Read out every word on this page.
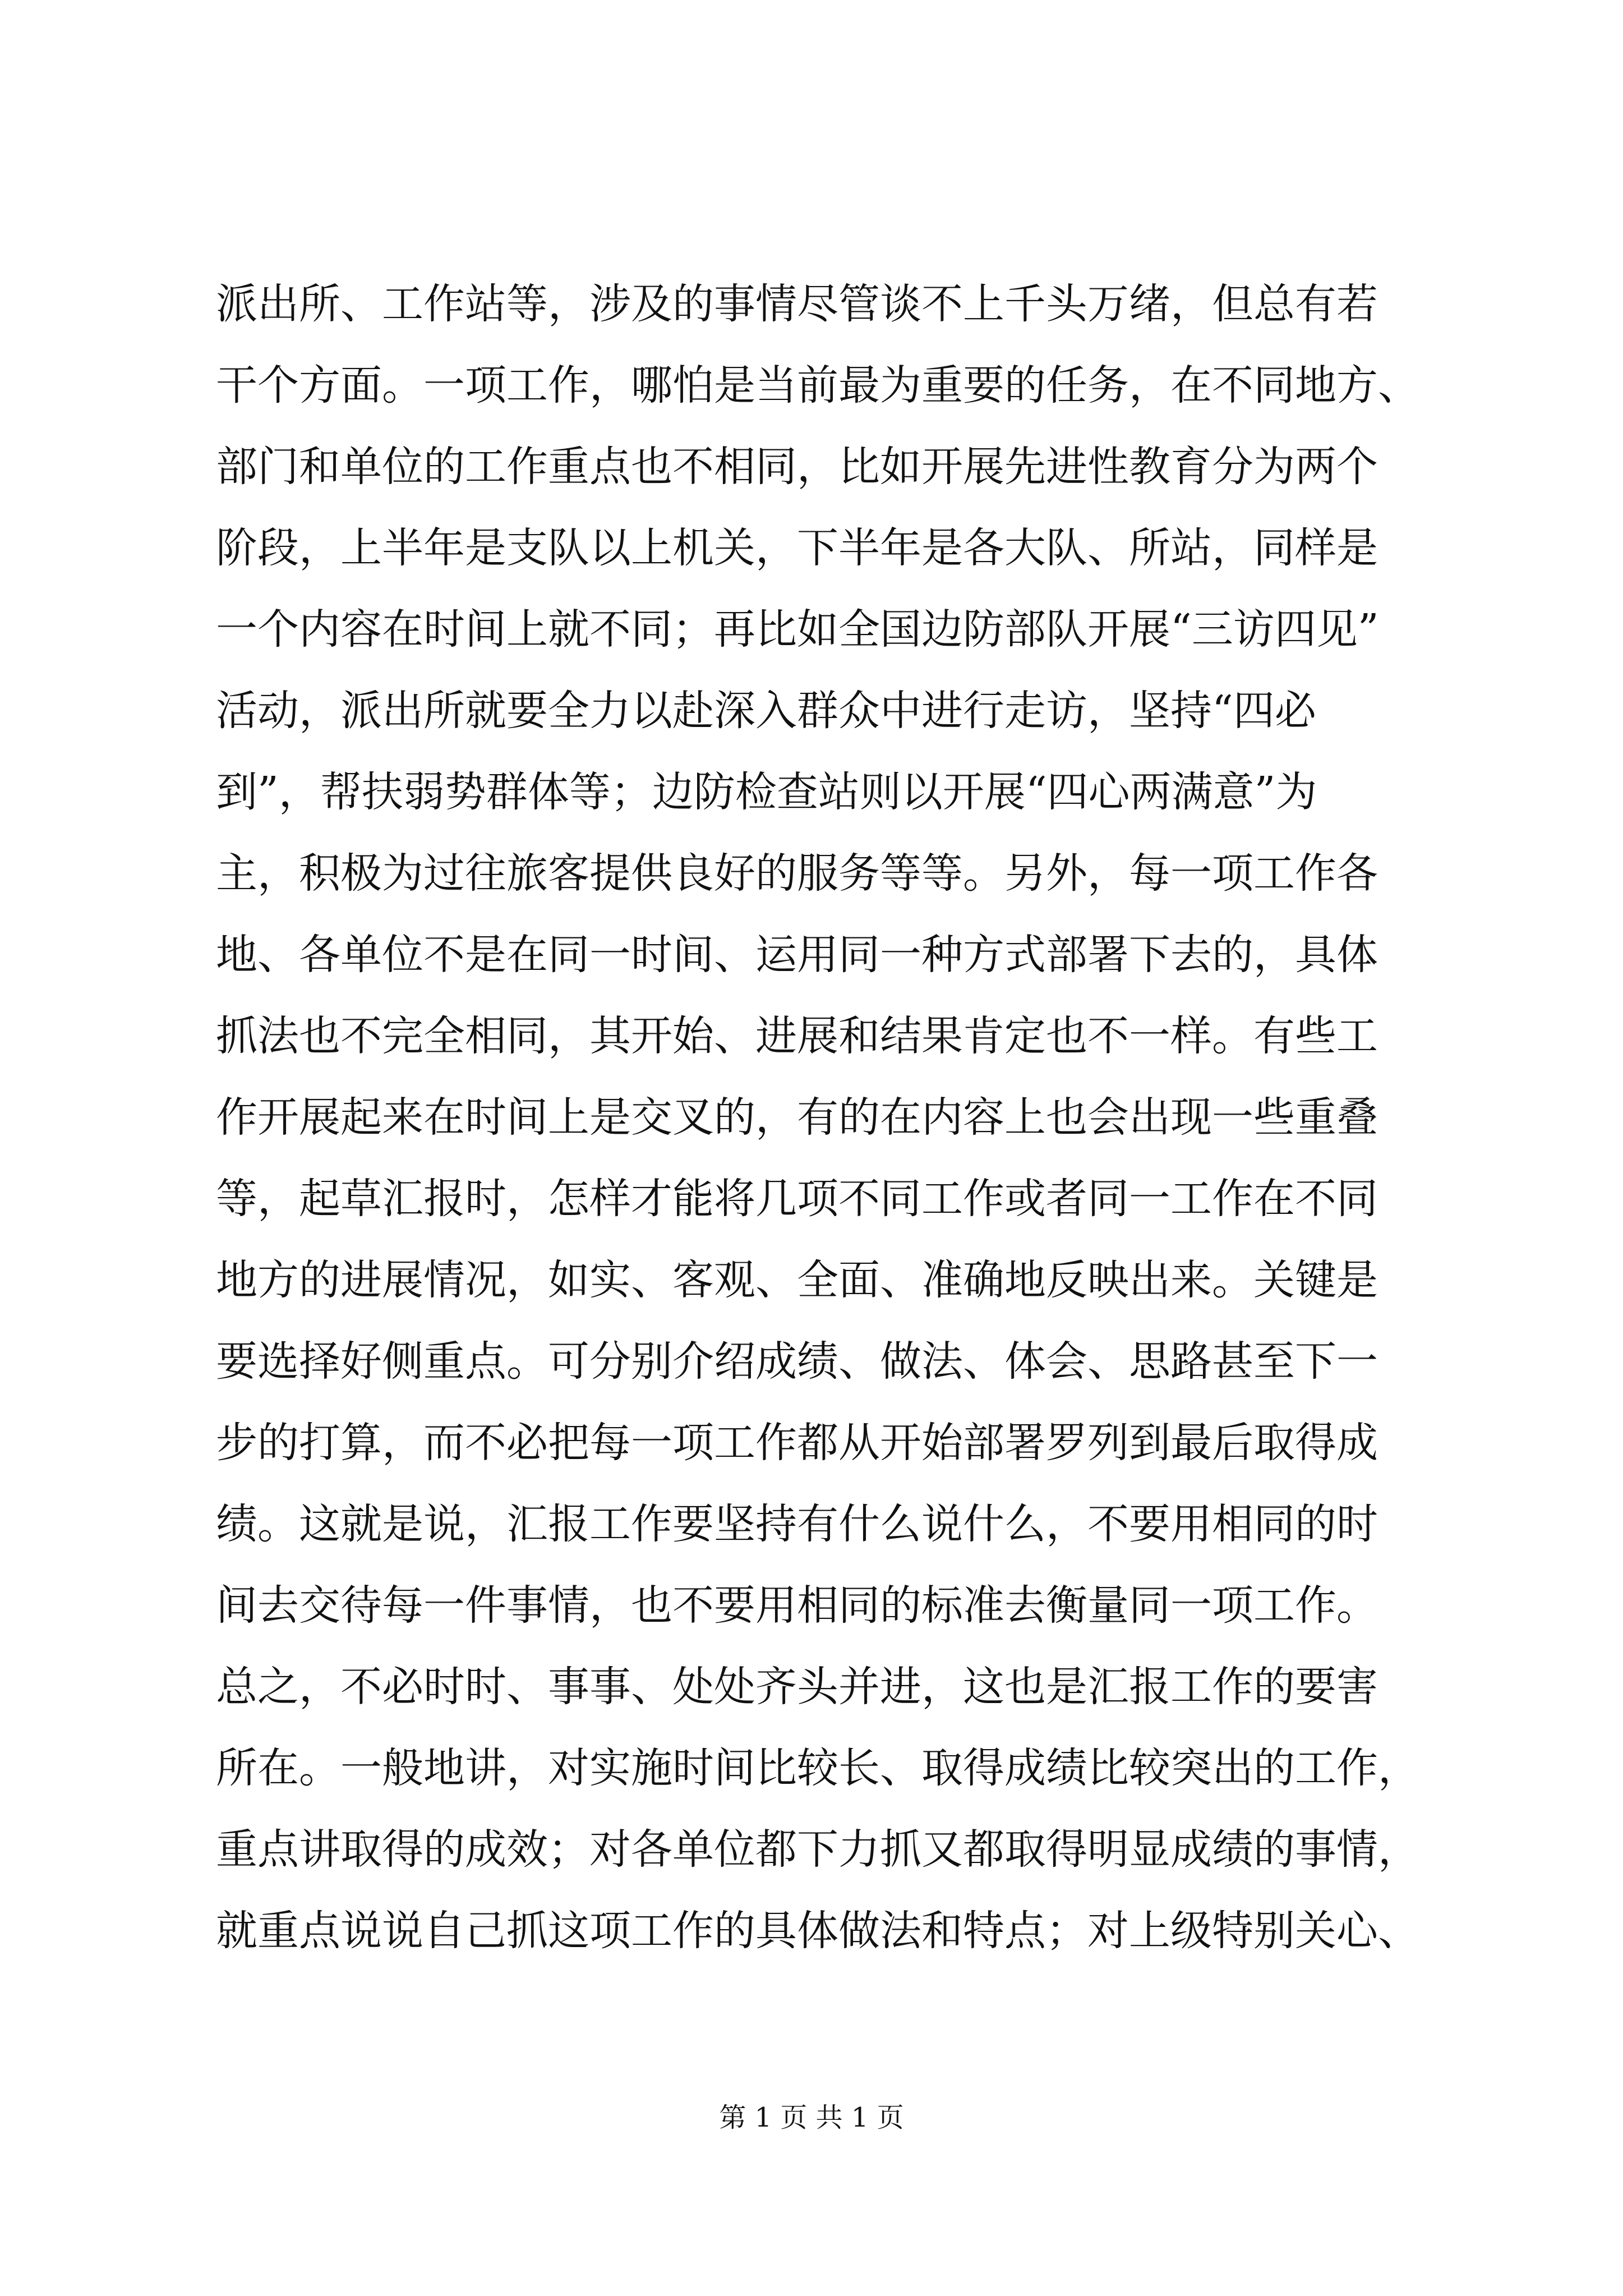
派出所、工作站等，涉及的事情尽管谈不上千头万绪，但总有若
干个方面。一项工作，哪怕是当前最为重要的任务，在不同地方、
部门和单位的工作重点也不相同，比如开展先进性教育分为两个
阶段，上半年是支队以上机关，下半年是各大队、所站，同样是
一个内容在时间上就不同；再比如全国边防部队开展“三访四见”
活动，派出所就要全力以赴深入群众中进行走访，坚持“四必
到”，帮扶弱势群体等；边防检查站则以开展“四心两满意”为
主，积极为过往旅客提供良好的服务等等。另外，每一项工作各
地、各单位不是在同一时间、运用同一种方式部署下去的，具体
抓法也不完全相同，其开始、进展和结果肯定也不一样。有些工
作开展起来在时间上是交叉的，有的在内容上也会出现一些重叠
等，起草汇报时，怎样才能将几项不同工作或者同一工作在不同
地方的进展情况，如实、客观、全面、准确地反映出来。关键是
要选择好侧重点。可分别介绍成绩、做法、体会、思路甚至下一
步的打算，而不必把每一项工作都从开始部署罗列到最后取得成
绩。这就是说，汇报工作要坚持有什么说什么，不要用相同的时
间去交待每一件事情，也不要用相同的标准去衡量同一项工作。
总之，不必时时、事事、处处齐头并进，这也是汇报工作的要害
所在。一般地讲，对实施时间比较长、取得成绩比较突出的工作，
重点讲取得的成效；对各单位都下力抓又都取得明显成绩的事情，
就重点说说自己抓这项工作的具体做法和特点；对上级特别关心、
第 1 页 共 1 页
